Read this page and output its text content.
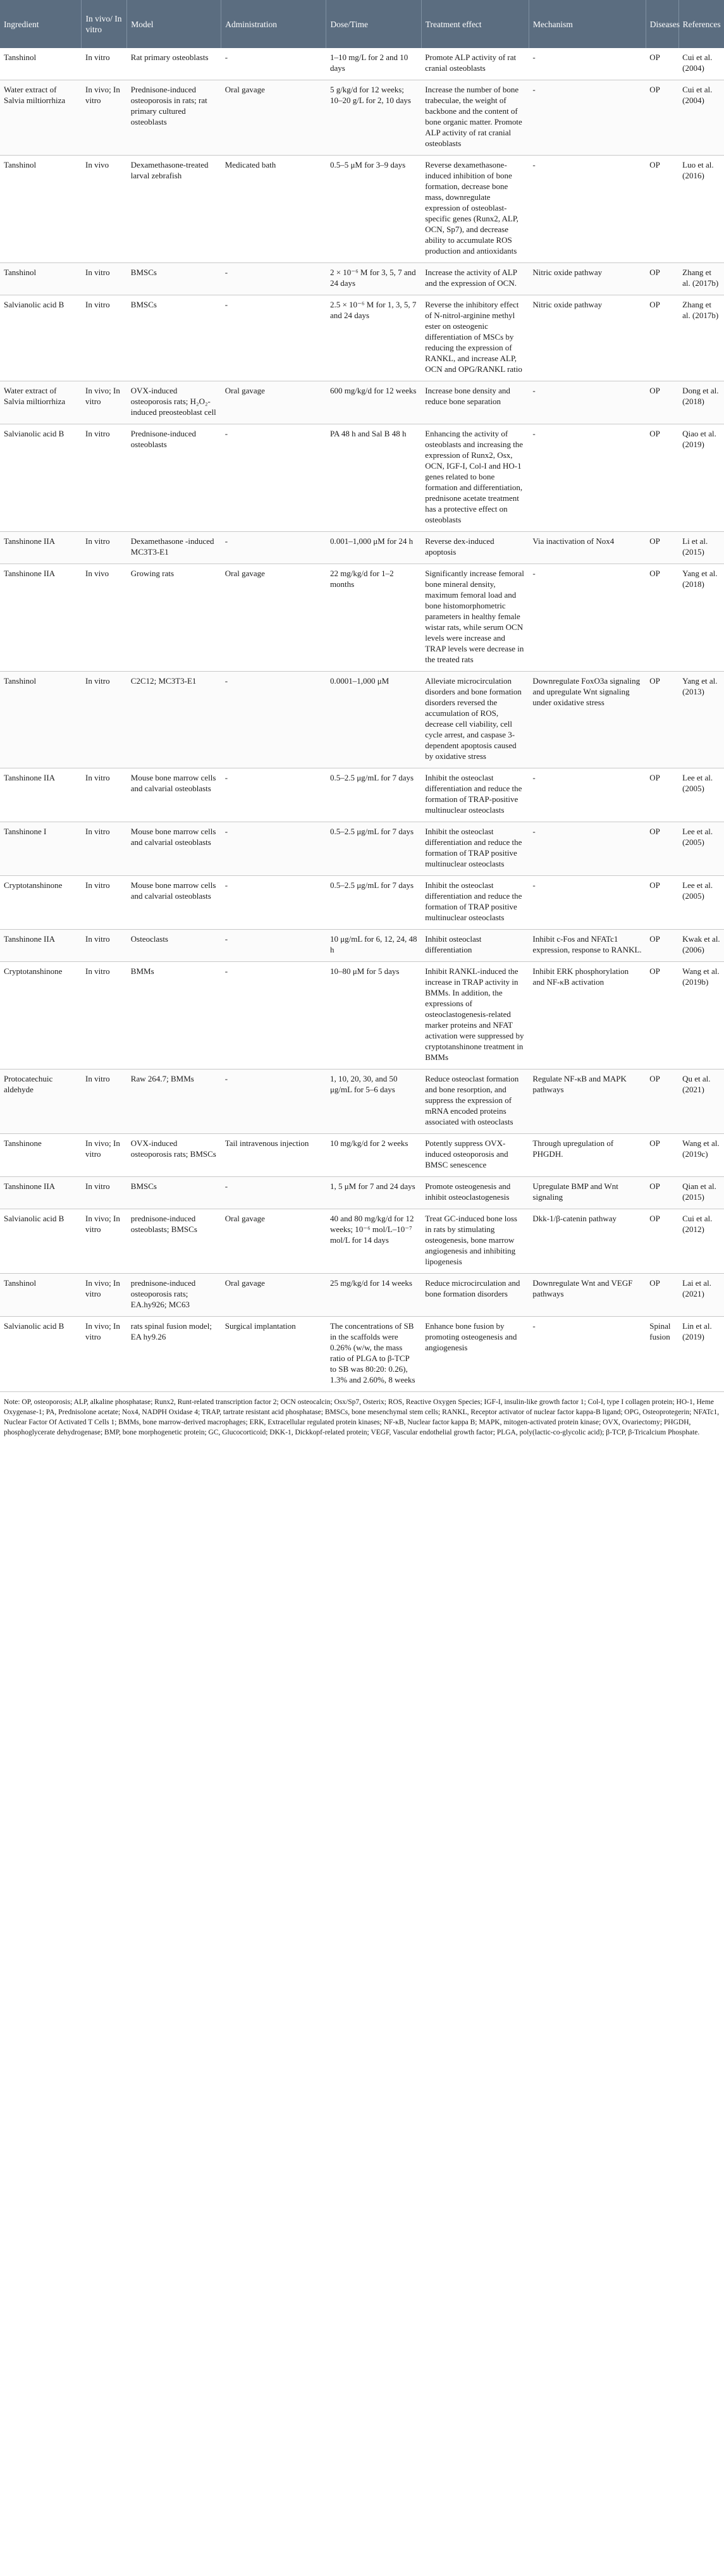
Ingredient	In vivo/ In vitro	Model	Administration	Dose/Time	Treatment effect	Mechanism	Diseases	References
Tanshinol	In vitro	Rat primary osteoblasts	-	1–10 mg/L for 2 and 10 days	Promote ALP activity of rat cranial osteoblasts	-	OP	Cui et al. (2004)
Water extract of Salvia miltiorrhiza	In vivo; In vitro	Prednisone-induced osteoporosis in rats; rat primary cultured osteoblasts	Oral gavage	5 g/kg/d for 12 weeks; 10–20 g/L for 2, 10 days	Increase the number of bone trabeculae, the weight of backbone and the content of bone organic matter. Promote ALP activity of rat cranial osteoblasts	-	OP	Cui et al. (2004)
Tanshinol	In vivo	Dexamethasone-treated larval zebrafish	Medicated bath	0.5–5 μM for 3–9 days	Reverse dexamethasone-induced inhibition of bone formation, decrease bone mass, downregulate expression of osteoblast-specific genes (Runx2, ALP, OCN, Sp7), and decrease ability to accumulate ROS production and antioxidants	-	OP	Luo et al. (2016)
Tanshinol	In vitro	BMSCs	-	2 × 10⁻⁶ M for 3, 5, 7 and 24 days	Increase the activity of ALP and the expression of OCN.	Nitric oxide pathway	OP	Zhang et al. (2017b)
Salvianolic acid B	In vitro	BMSCs	-	2.5 × 10⁻⁶ M for 1, 3, 5, 7 and 24 days	Reverse the inhibitory effect of N-nitrol-arginine methyl ester on osteogenic differentiation of MSCs by reducing the expression of RANKL, and increase ALP, OCN and OPG/RANKL ratio	Nitric oxide pathway	OP	Zhang et al. (2017b)
Water extract of Salvia miltiorrhiza	In vivo; In vitro	OVX-induced osteoporosis rats; H₂O₂-induced preosteoblast cell	Oral gavage	600 mg/kg/d for 12 weeks	Increase bone density and reduce bone separation	-	OP	Dong et al. (2018)
Salvianolic acid B	In vitro	Prednisone-induced osteoblasts	-	PA 48 h and Sal B 48 h	Enhancing the activity of osteoblasts and increasing the expression of Runx2, Osx, OCN, IGF-I, Col-I and HO-1 genes related to bone formation and differentiation, prednisone acetate treatment has a protective effect on osteoblasts	-	OP	Qiao et al. (2019)
Tanshinone IIA	In vitro	Dexamethasone -induced MC3T3-E1	-	0.001–1,000 μM for 24 h	Reverse dex-induced apoptosis	Via inactivation of Nox4	OP	Li et al. (2015)
Tanshinone IIA	In vivo	Growing rats	Oral gavage	22 mg/kg/d for 1–2 months	Significantly increase femoral bone mineral density, maximum femoral load and bone histomorphometric parameters in healthy female wistar rats, while serum OCN levels were increase and TRAP levels were decrease in the treated rats	-	OP	Yang et al. (2018)
Tanshinol	In vitro	C2C12; MC3T3-E1	-	0.0001–1,000 μM	Alleviate microcirculation disorders and bone formation disorders reversed the accumulation of ROS, decrease cell viability, cell cycle arrest, and caspase 3-dependent apoptosis caused by oxidative stress	Downregulate FoxO3a signaling and upregulate Wnt signaling under oxidative stress	OP	Yang et al. (2013)
Tanshinone IIA	In vitro	Mouse bone marrow cells and calvarial osteoblasts	-	0.5–2.5 μg/mL for 7 days	Inhibit the osteoclast differentiation and reduce the formation of TRAP-positive multinuclear osteoclasts	-	OP	Lee et al. (2005)
Tanshinone I	In vitro	Mouse bone marrow cells and calvarial osteoblasts	-	0.5–2.5 μg/mL for 7 days	Inhibit the osteoclast differentiation and reduce the formation of TRAP positive multinuclear osteoclasts	-	OP	Lee et al. (2005)
Cryptotanshinone	In vitro	Mouse bone marrow cells and calvarial osteoblasts	-	0.5–2.5 μg/mL for 7 days	Inhibit the osteoclast differentiation and reduce the formation of TRAP positive multinuclear osteoclasts	-	OP	Lee et al. (2005)
Tanshinone IIA	In vitro	Osteoclasts	-	10 μg/mL for 6, 12, 24, 48 h	Inhibit osteoclast differentiation	Inhibit c-Fos and NFATc1 expression, response to RANKL.	OP	Kwak et al. (2006)
Cryptotanshinone	In vitro	BMMs	-	10–80 μM for 5 days	Inhibit RANKL-induced the increase in TRAP activity in BMMs. In addition, the expressions of osteoclastogenesis-related marker proteins and NFAT activation were suppressed by cryptotanshinone treatment in BMMs	Inhibit ERK phosphorylation and NF-κB activation	OP	Wang et al. (2019b)
Protocatechuic aldehyde	In vitro	Raw 264.7; BMMs	-	1, 10, 20, 30, and 50 μg/mL for 5–6 days	Reduce osteoclast formation and bone resorption, and suppress the expression of mRNA encoded proteins associated with osteoclasts	Regulate NF-κB and MAPK pathways	OP	Qu et al. (2021)
Tanshinone	In vivo; In vitro	OVX-induced osteoporosis rats; BMSCs	Tail intravenous injection	10 mg/kg/d for 2 weeks	Potently suppress OVX-induced osteoporosis and BMSC senescence	Through upregulation of PHGDH.	OP	Wang et al. (2019c)
Tanshinone IIA	In vitro	BMSCs	-	1, 5 μM for 7 and 24 days	Promote osteogenesis and inhibit osteoclastogenesis	Upregulate BMP and Wnt signaling	OP	Qian et al. (2015)
Salvianolic acid B	In vivo; In vitro	prednisone-induced osteoblasts; BMSCs	Oral gavage	40 and 80 mg/kg/d for 12 weeks; 10⁻⁶ mol/L–10⁻⁷ mol/L for 14 days	Treat GC-induced bone loss in rats by stimulating osteogenesis, bone marrow angiogenesis and inhibiting lipogenesis	Dkk-1/β-catenin pathway	OP	Cui et al. (2012)
Tanshinol	In vivo; In vitro	prednisone-induced osteoporosis rats; EA.hy926; MC63	Oral gavage	25 mg/kg/d for 14 weeks	Reduce microcirculation and bone formation disorders	Downregulate Wnt and VEGF pathways	OP	Lai et al. (2021)
Salvianolic acid B	In vivo; In vitro	rats spinal fusion model; EA hy9.26	Surgical implantation	The concentrations of SB in the scaffolds were 0.26% (w/w, the mass ratio of PLGA to β-TCP to SB was 80:20: 0.26), 1.3% and 2.60%, 8 weeks	Enhance bone fusion by promoting osteogenesis and angiogenesis	-	Spinal fusion	Lin et al. (2019)
Note: OP, osteoporosis; ALP, alkaline phosphatase; Runx2, Runt-related transcription factor 2; OCN osteocalcin; Osx/Sp7, Osterix; ROS, Reactive Oxygen Species; IGF-I, insulin-like growth factor 1; Col-I, type I collagen protein; HO-1, Heme Oxygenase-1; PA, Prednisolone acetate; Nox4, NADPH Oxidase 4; TRAP, tartrate resistant acid phosphatase; BMSCs, bone mesenchymal stem cells; RANKL, Receptor activator of nuclear factor kappa-B ligand; OPG, Osteoprotegerin; NFATc1, Nuclear Factor Of Activated T Cells 1; BMMs, bone marrow-derived macrophages; ERK, Extracellular regulated protein kinases; NF-κB, Nuclear factor kappa B; MAPK, mitogen-activated protein kinase; OVX, Ovariectomy; PHGDH, phosphoglycerate dehydrogenase; BMP, bone morphogenetic protein; GC, Glucocorticoid; DKK-1, Dickkopf-related protein; VEGF, Vascular endothelial growth factor; PLGA, poly(lactic-co-glycolic acid); β-TCP, β-Tricalcium Phosphate.
